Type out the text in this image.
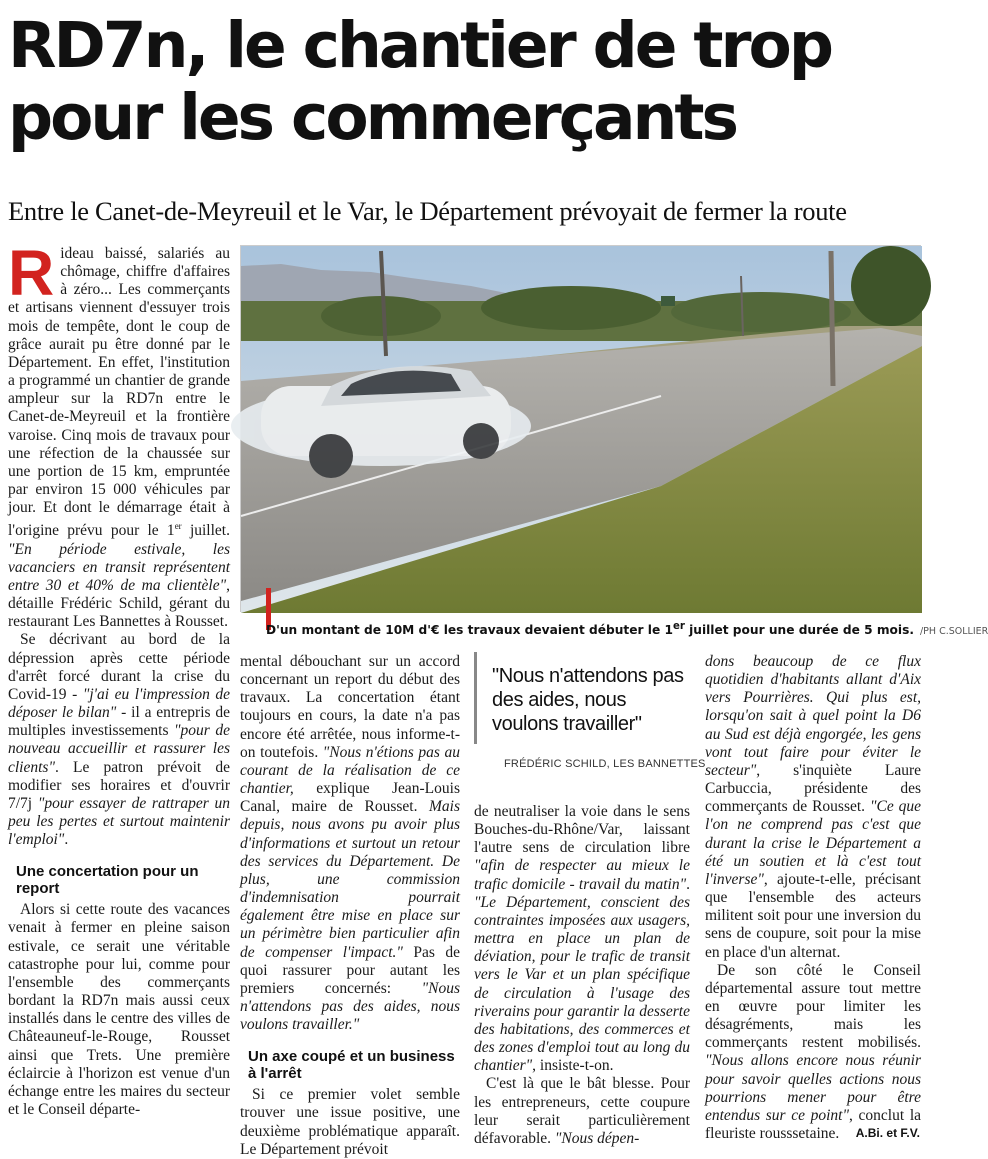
RD7n, le chantier de trop pour les commerçants
Entre le Canet-de-Meyreuil et le Var, le Département prévoyait de fermer la route

Rideau baissé, salariés au chômage, chiffre d'affaires à zéro... Les commerçants et artisans viennent d'essuyer trois mois de tempête, dont le coup de grâce aurait pu être donné par le Département. En effet, l'institution a programmé un chantier de grande ampleur sur la RD7n entre le Canet-de-Meyreuil et la frontière varoise. Cinq mois de travaux pour une réfection de la chaussée sur une portion de 15 km, empruntée par environ 15 000 véhicules par jour. Et dont le démarrage était à l'origine prévu pour le 1er juillet. "En période estivale, les vacanciers en transit représentent entre 30 et 40% de ma clientèle", détaille Frédéric Schild, gérant du restaurant Les Bannettes à Rousset.

Se décrivant au bord de la dépression après cette période d'arrêt forcé durant la crise du Covid-19 - "j'ai eu l'impression de déposer le bilan" - il a entrepris de multiples investissements "pour de nouveau accueillir et rassurer les clients". Le patron prévoit de modifier ses horaires et d'ouvrir 7/7j "pour essayer de rattraper un peu les pertes et surtout maintenir l'emploi".

Une concertation pour un report

Alors si cette route des vacances venait à fermer en pleine saison estivale, ce serait une véritable catastrophe pour lui, comme pour l'ensemble des commerçants bordant la RD7n mais aussi ceux installés dans le centre des villes de Châteauneuf-le-Rouge, Rousset ainsi que Trets. Une première éclaircie à l'horizon est venue d'un échange entre les maires du secteur et le Conseil départe-

D'un montant de 10M d'€ les travaux devaient débuter le 1er juillet pour une durée de 5 mois. /PH C.SOLLIER

mental débouchant sur un accord concernant un report du début des travaux. La concertation étant toujours en cours, la date n'a pas encore été arrêtée, nous informe-t-on toutefois. "Nous n'étions pas au courant de la réalisation de ce chantier, explique Jean-Louis Canal, maire de Rousset. Mais depuis, nous avons pu avoir plus d'informations et surtout un retour des services du Département. De plus, une commission d'indemnisation pourrait également être mise en place sur un périmètre bien particulier afin de compenser l'impact." Pas de quoi rassurer pour autant les premiers concernés: "Nous n'attendons pas des aides, nous voulons travailler."

Un axe coupé et un business à l'arrêt

Si ce premier volet semble trouver une issue positive, une deuxième problématique apparaît. Le Département prévoit

"Nous n'attendons pas des aides, nous voulons travailler"
FRÉDÉRIC SCHILD, LES BANNETTES

de neutraliser la voie dans le sens Bouches-du-Rhône/Var, laissant l'autre sens de circulation libre "afin de respecter au mieux le trafic domicile - travail du matin". "Le Département, conscient des contraintes imposées aux usagers, mettra en place un plan de déviation, pour le trafic de transit vers le Var et un plan spécifique de circulation à l'usage des riverains pour garantir la desserte des habitations, des commerces et des zones d'emploi tout au long du chantier", insiste-t-on.

C'est là que le bât blesse. Pour les entrepreneurs, cette coupure leur serait particulièrement défavorable. "Nous dépen-

dons beaucoup de ce flux quotidien d'habitants allant d'Aix vers Pourrières. Qui plus est, lorsqu'on sait à quel point la D6 au Sud est déjà engorgée, les gens vont tout faire pour éviter le secteur", s'inquiète Laure Carbuccia, présidente des commerçants de Rousset. "Ce que l'on ne comprend pas c'est que durant la crise le Département a été un soutien et là c'est tout l'inverse", ajoute-t-elle, précisant que l'ensemble des acteurs militent soit pour une inversion du sens de coupure, soit pour la mise en place d'un alternat.

De son côté le Conseil départemental assure tout mettre en œuvre pour limiter les désagréments, mais les commerçants restent mobilisés. "Nous allons encore nous réunir pour savoir quelles actions nous pourrions mener pour être entendus sur ce point", conclut la fleuriste rousssetaine.	A.Bi. et F.V.
